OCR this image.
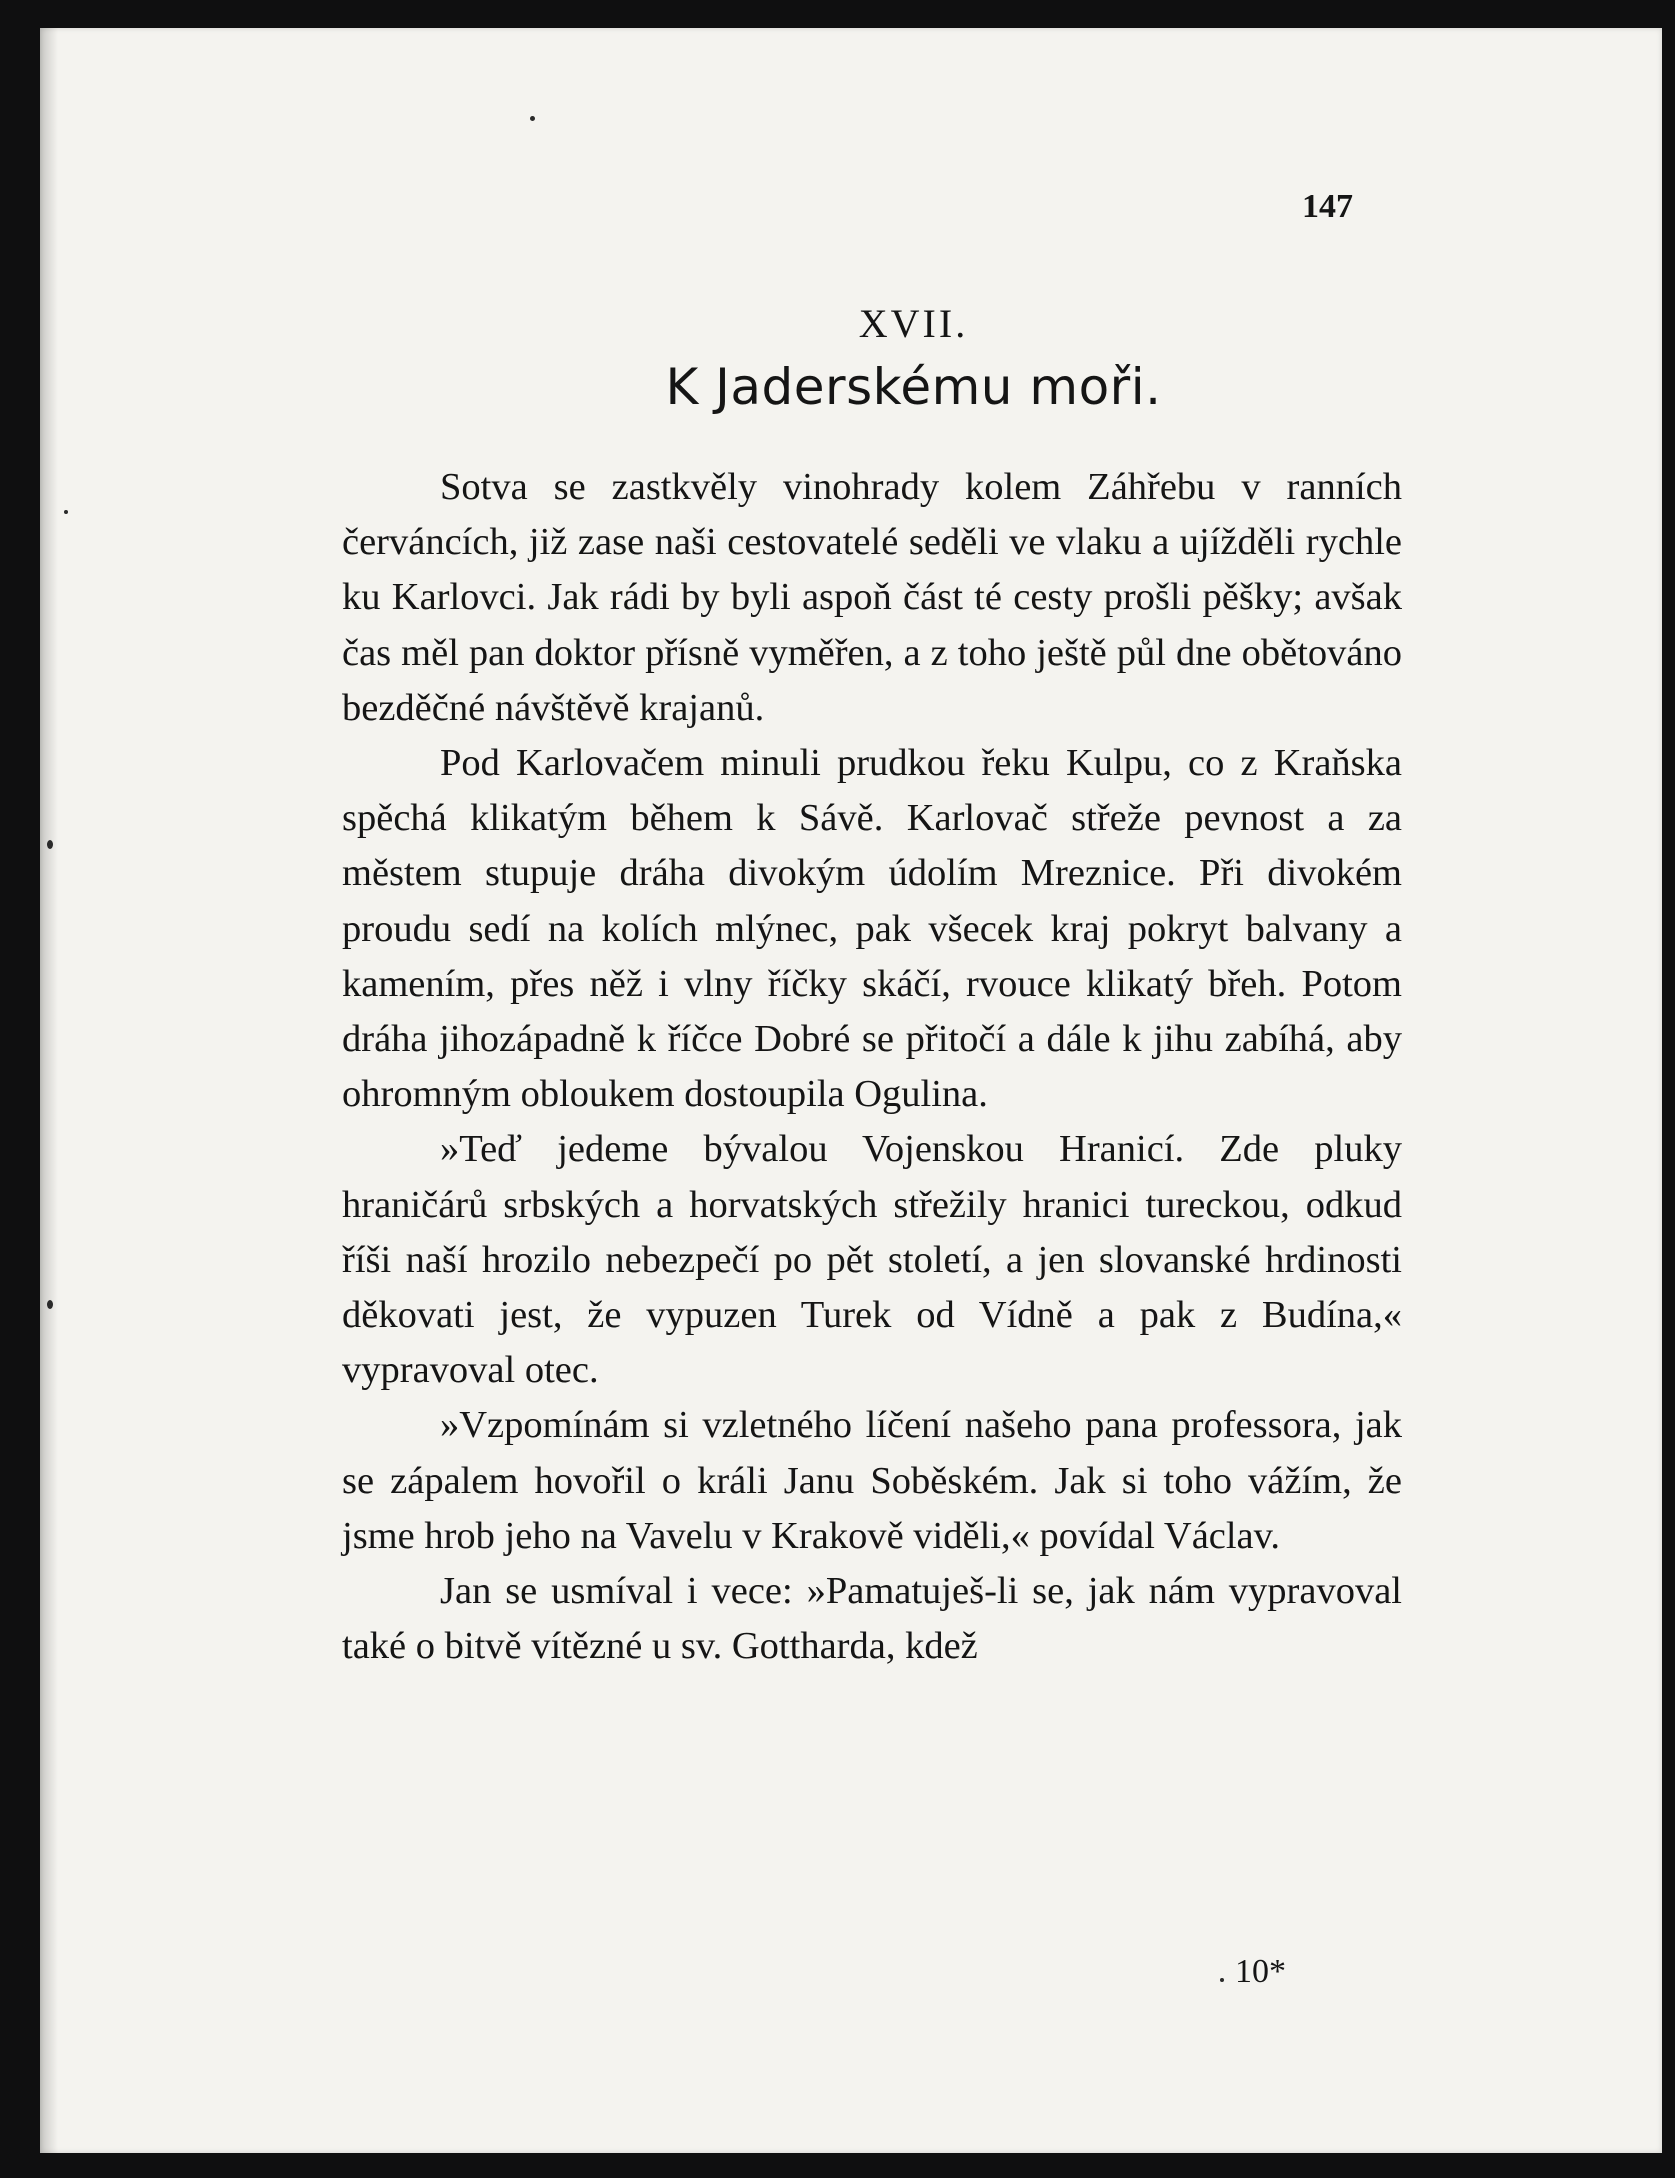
147
XVII.
K Jaderskému moři.

Sotva se zastkvěly vinohrady kolem Záhřebu v ranních červáncích, již zase naši cestovatelé seděli ve vlaku a ujížděli rychle ku Karlovci. Jak rádi by byli aspoň část té cesty prošli pěšky; avšak čas měl pan doktor přísně vyměřen, a z toho ještě půl dne obětováno bezděčné návštěvě krajanů.

Pod Karlovačem minuli prudkou řeku Kulpu, co z Kraňska spěchá klikatým během k Sávě. Karlovač střeže pevnost a za městem stupuje dráha divokým údolím Mreznice. Při divokém proudu sedí na kolích mlýnec, pak všecek kraj pokryt balvany a kamením, přes něž i vlny říčky skáčí, rvouce klikatý břeh. Potom dráha jihozápadně k říčce Dobré se přitočí a dále k jihu zabíhá, aby ohromným obloukem dostoupila Ogulina.

»Teď jedeme bývalou Vojenskou Hranicí. Zde pluky hraničárů srbských a horvatských střežily hranici tureckou, odkud říši naší hrozilo nebezpečí po pět století, a jen slovanské hrdinosti děkovati jest, že vypuzen Turek od Vídně a pak z Budína,« vypravoval otec.

»Vzpomínám si vzletného líčení našeho pana professora, jak se zápalem hovořil o králi Janu Soběském. Jak si toho vážím, že jsme hrob jeho na Vavelu v Krakově viděli,« povídal Václav.

Jan se usmíval i vece: »Pamatuješ-li se, jak nám vypravoval také o bitvě vítězné u sv. Gottharda, kdež

10*
